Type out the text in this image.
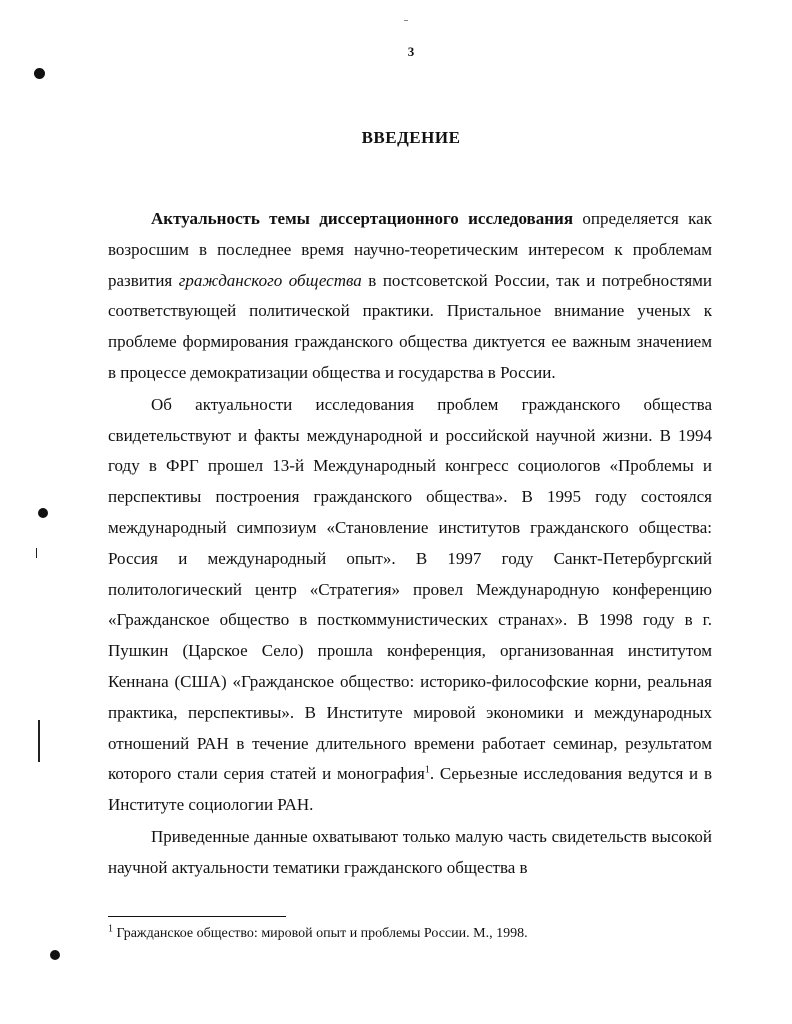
3
ВВЕДЕНИЕ

Актуальность темы диссертационного исследования определяется как возросшим в последнее время научно-теоретическим интересом к проблемам развития гражданского общества в постсоветской России, так и потребностями соответствующей политической практики. Пристальное внимание ученых к проблеме формирования гражданского общества диктуется ее важным значением в процессе демократизации общества и государства в России.

Об актуальности исследования проблем гражданского общества свидетельствуют и факты международной и российской научной жизни. В 1994 году в ФРГ прошел 13-й Международный конгресс социологов «Проблемы и перспективы построения гражданского общества». В 1995 году состоялся международный симпозиум «Становление институтов гражданского общества: Россия и международный опыт». В 1997 году Санкт-Петербургский политологический центр «Стратегия» провел Международную конференцию «Гражданское общество в посткоммунистических странах». В 1998 году в г. Пушкин (Царское Село) прошла конференция, организованная институтом Кеннана (США) «Гражданское общество: историко-философские корни, реальная практика, перспективы». В Институте мировой экономики и международных отношений РАН в течение длительного времени работает семинар, результатом которого стали серия статей и монография$^1$. Серьезные исследования ведутся и в Институте социологии РАН.

Приведенные данные охватывают только малую часть свидетельств высокой научной актуальности тематики гражданского общества в

$^1$ Гражданское общество: мировой опыт и проблемы России. М., 1998.
